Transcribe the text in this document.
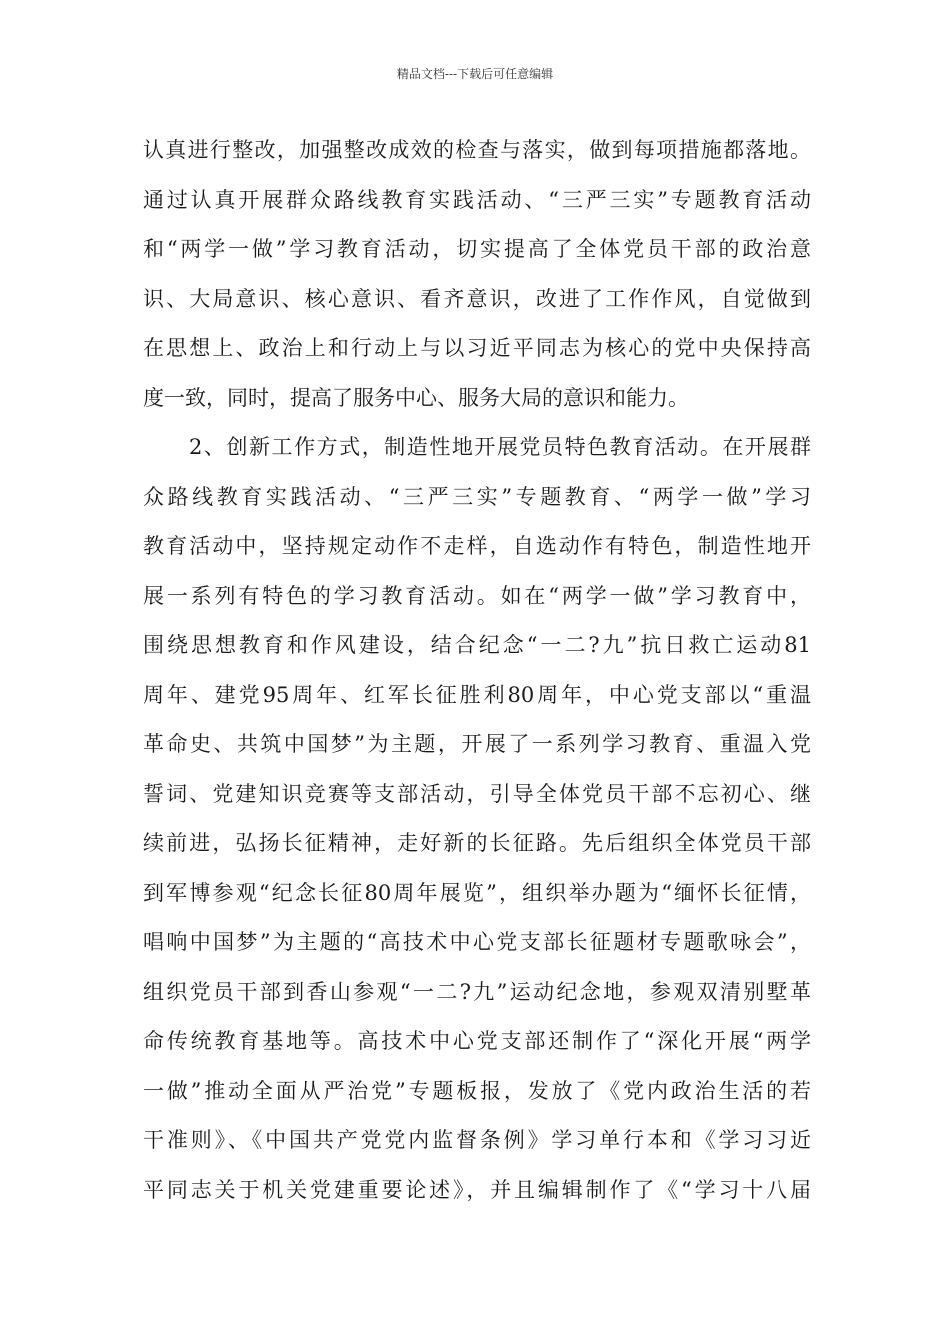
精品文档---下载后可任意编辑
认真进行整改，加强整改成效的检查与落实，做到每项措施都落地。
通过认真开展群众路线教育实践活动、“三严三实”专题教育活动
和“两学一做”学习教育活动，切实提高了全体党员干部的政治意
识、大局意识、核心意识、看齐意识，改进了工作作风，自觉做到
在思想上、政治上和行动上与以习近平同志为核心的党中央保持高
度一致，同时，提高了服务中心、服务大局的意识和能力。
2、创新工作方式，制造性地开展党员特色教育活动。在开展群
众路线教育实践活动、“三严三实”专题教育、“两学一做”学习
教育活动中，坚持规定动作不走样，自选动作有特色，制造性地开
展一系列有特色的学习教育活动。如在“两学一做”学习教育中，
围绕思想教育和作风建设，结合纪念“一二?九”抗日救亡运动81
周年、建党95周年、红军长征胜利80周年，中心党支部以“重温
革命史、共筑中国梦”为主题，开展了一系列学习教育、重温入党
誓词、党建知识竞赛等支部活动，引导全体党员干部不忘初心、继
续前进，弘扬长征精神，走好新的长征路。先后组织全体党员干部
到军博参观“纪念长征80周年展览”，组织举办题为“缅怀长征情，
唱响中国梦”为主题的“高技术中心党支部长征题材专题歌咏会”，
组织党员干部到香山参观“一二?九”运动纪念地，参观双清别墅革
命传统教育基地等。高技术中心党支部还制作了“深化开展“两学
一做”推动全面从严治党”专题板报，发放了《党内政治生活的若
干准则》、《中国共产党党内监督条例》学习单行本和《学习习近
平同志关于机关党建重要论述》，并且编辑制作了《“学习十八届
